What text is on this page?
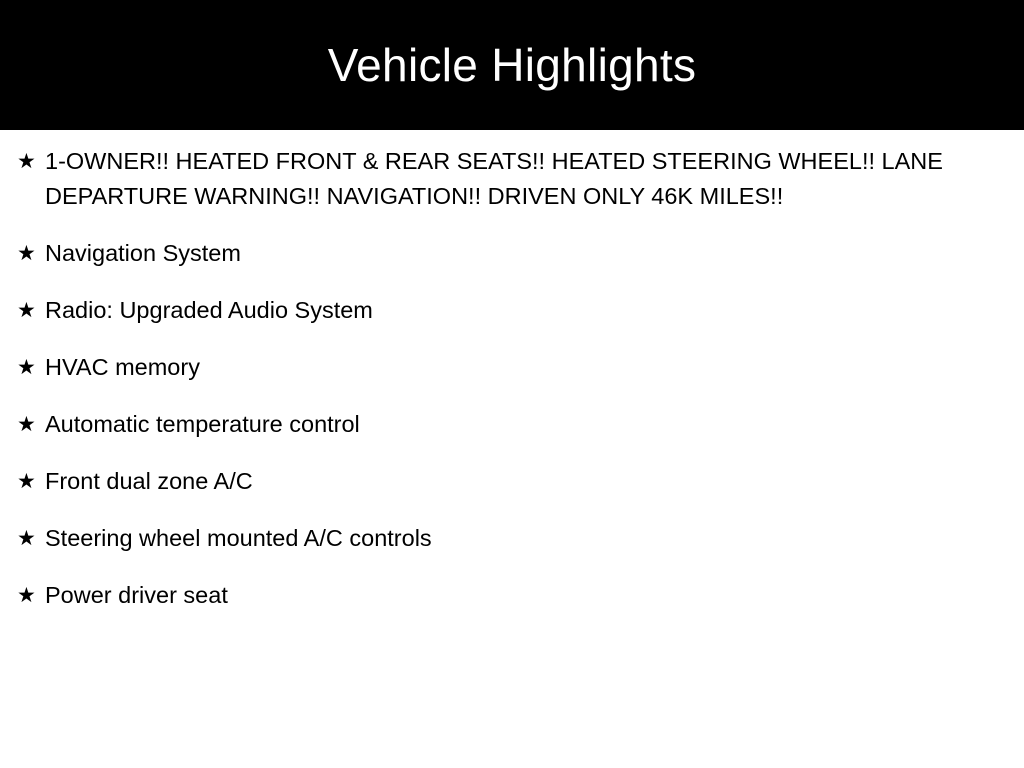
Vehicle Highlights
★ 1-OWNER!! HEATED FRONT & REAR SEATS!! HEATED STEERING WHEEL!! LANE DEPARTURE WARNING!! NAVIGATION!! DRIVEN ONLY 46K MILES!!
★ Navigation System
★ Radio: Upgraded Audio System
★ HVAC memory
★ Automatic temperature control
★ Front dual zone A/C
★ Steering wheel mounted A/C controls
★ Power driver seat
